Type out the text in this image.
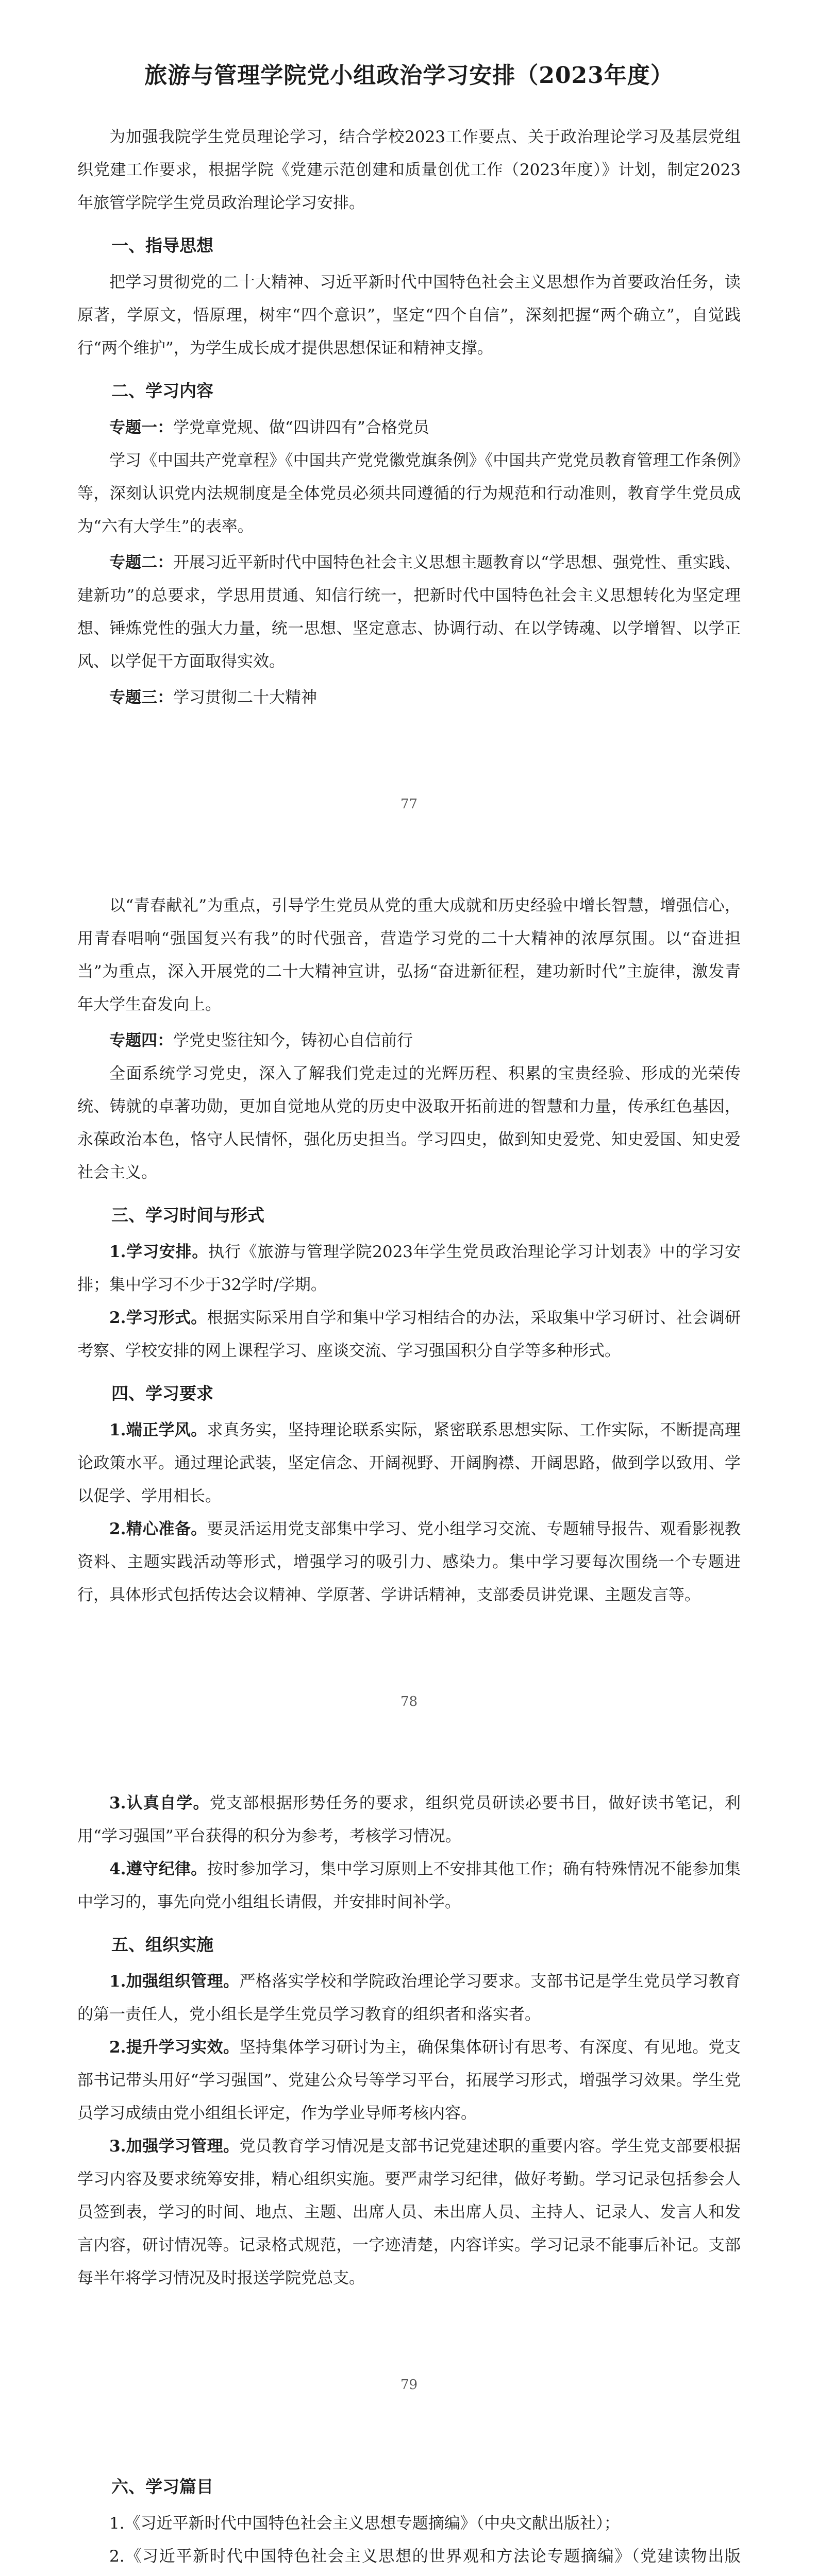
旅游与管理学院党小组政治学习安排（2023年度）

为加强我院学生党员理论学习，结合学校2023工作要点、关于政治理论学习及基层党组织党建工作要求，根据学院《党建示范创建和质量创优工作（2023年度）》计划，制定2023年旅管学院学生党员政治理论学习安排。

一、指导思想

把学习贯彻党的二十大精神、习近平新时代中国特色社会主义思想作为首要政治任务，读原著，学原文，悟原理，树牢“四个意识”，坚定“四个自信”，深刻把握“两个确立”，自觉践行“两个维护”，为学生成长成才提供思想保证和精神支撑。

二、学习内容

专题一：学党章党规、做“四讲四有”合格党员

学习《中国共产党章程》《中国共产党党徽党旗条例》《中国共产党党员教育管理工作条例》等，深刻认识党内法规制度是全体党员必须共同遵循的行为规范和行动准则，教育学生党员成为“六有大学生”的表率。

专题二：开展习近平新时代中国特色社会主义思想主题教育以“学思想、强党性、重实践、建新功”的总要求，学思用贯通、知信行统一，把新时代中国特色社会主义思想转化为坚定理想、锤炼党性的强大力量，统一思想、坚定意志、协调行动、在以学铸魂、以学增智、以学正风、以学促干方面取得实效。

专题三：学习贯彻二十大精神

77

以“青春献礼”为重点，引导学生党员从党的重大成就和历史经验中增长智慧，增强信心，用青春唱响“强国复兴有我”的时代强音，营造学习党的二十大精神的浓厚氛围。以“奋进担当”为重点，深入开展党的二十大精神宣讲，弘扬“奋进新征程，建功新时代”主旋律，激发青年大学生奋发向上。

专题四：学党史鉴往知今，铸初心自信前行

全面系统学习党史，深入了解我们党走过的光辉历程、积累的宝贵经验、形成的光荣传统、铸就的卓著功勋，更加自觉地从党的历史中汲取开拓前进的智慧和力量，传承红色基因，永葆政治本色，恪守人民情怀，强化历史担当。学习四史，做到知史爱党、知史爱国、知史爱社会主义。

三、学习时间与形式

1.学习安排。执行《旅游与管理学院2023年学生党员政治理论学习计划表》中的学习安排；集中学习不少于32学时/学期。

2.学习形式。根据实际采用自学和集中学习相结合的办法，采取集中学习研讨、社会调研考察、学校安排的网上课程学习、座谈交流、学习强国积分自学等多种形式。

四、学习要求

1.端正学风。求真务实，坚持理论联系实际，紧密联系思想实际、工作实际，不断提高理论政策水平。通过理论武装，坚定信念、开阔视野、开阔胸襟、开阔思路，做到学以致用、学以促学、学用相长。

2.精心准备。要灵活运用党支部集中学习、党小组学习交流、专题辅导报告、观看影视教资料、主题实践活动等形式，增强学习的吸引力、感染力。集中学习要每次围绕一个专题进行，具体形式包括传达会议精神、学原著、学讲话精神，支部委员讲党课、主题发言等。

78

3.认真自学。党支部根据形势任务的要求，组织党员研读必要书目，做好读书笔记，利用“学习强国”平台获得的积分为参考，考核学习情况。

4.遵守纪律。按时参加学习，集中学习原则上不安排其他工作；确有特殊情况不能参加集中学习的，事先向党小组组长请假，并安排时间补学。

五、组织实施

1.加强组织管理。严格落实学校和学院政治理论学习要求。支部书记是学生党员学习教育的第一责任人，党小组长是学生党员学习教育的组织者和落实者。

2.提升学习实效。坚持集体学习研讨为主，确保集体研讨有思考、有深度、有见地。党支部书记带头用好“学习强国”、党建公众号等学习平台，拓展学习形式，增强学习效果。学生党员学习成绩由党小组组长评定，作为学业导师考核内容。

3.加强学习管理。党员教育学习情况是支部书记党建述职的重要内容。学生党支部要根据学习内容及要求统筹安排，精心组织实施。要严肃学习纪律，做好考勤。学习记录包括参会人员签到表，学习的时间、地点、主题、出席人员、未出席人员、主持人、记录人、发言人和发言内容，研讨情况等。记录格式规范，一字迹清楚，内容详实。学习记录不能事后补记。支部每半年将学习情况及时报送学院党总支。

79
六、学习篇目
1.《习近平新时代中国特色社会主义思想专题摘编》（中央文献出版社）；
2.《习近平新时代中国特色社会主义思想的世界观和方法论专题摘编》（党建读物出版
